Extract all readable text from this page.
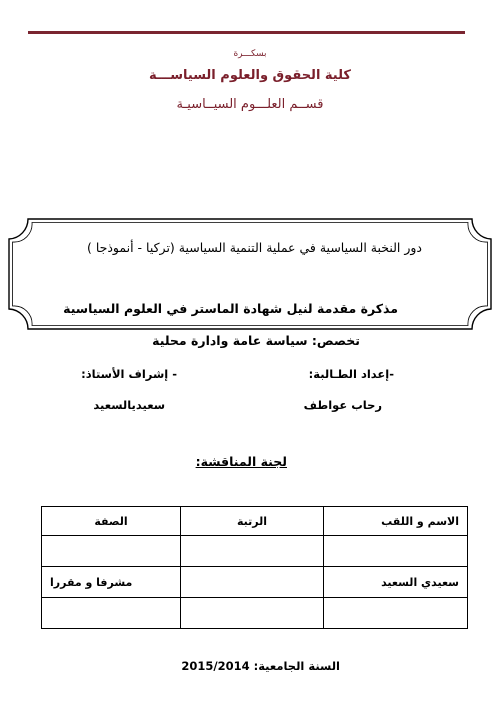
بسكـــرة
كلية الحقوق والعلوم السياســـة
قســم العلـــوم السيــاسيـة
دور النخبة السياسية في عملية التنمية السياسية (تركيا - أنموذجا )
مذكرة مقدمة لنيل شهادة الماستر في العلوم السياسية
تخصص: سياسة عامة وادارة محلية
-إعداد الطـالبة:
- إشراف الأستاذ:
رحاب عواطف
سعيديالسعيد
لجنة المناقشة:
الاسم و اللقب	الرتبة	الصفة

سعيدي السعيد		مشرفا و مقررا

السنة الجامعية: 2015/2014
